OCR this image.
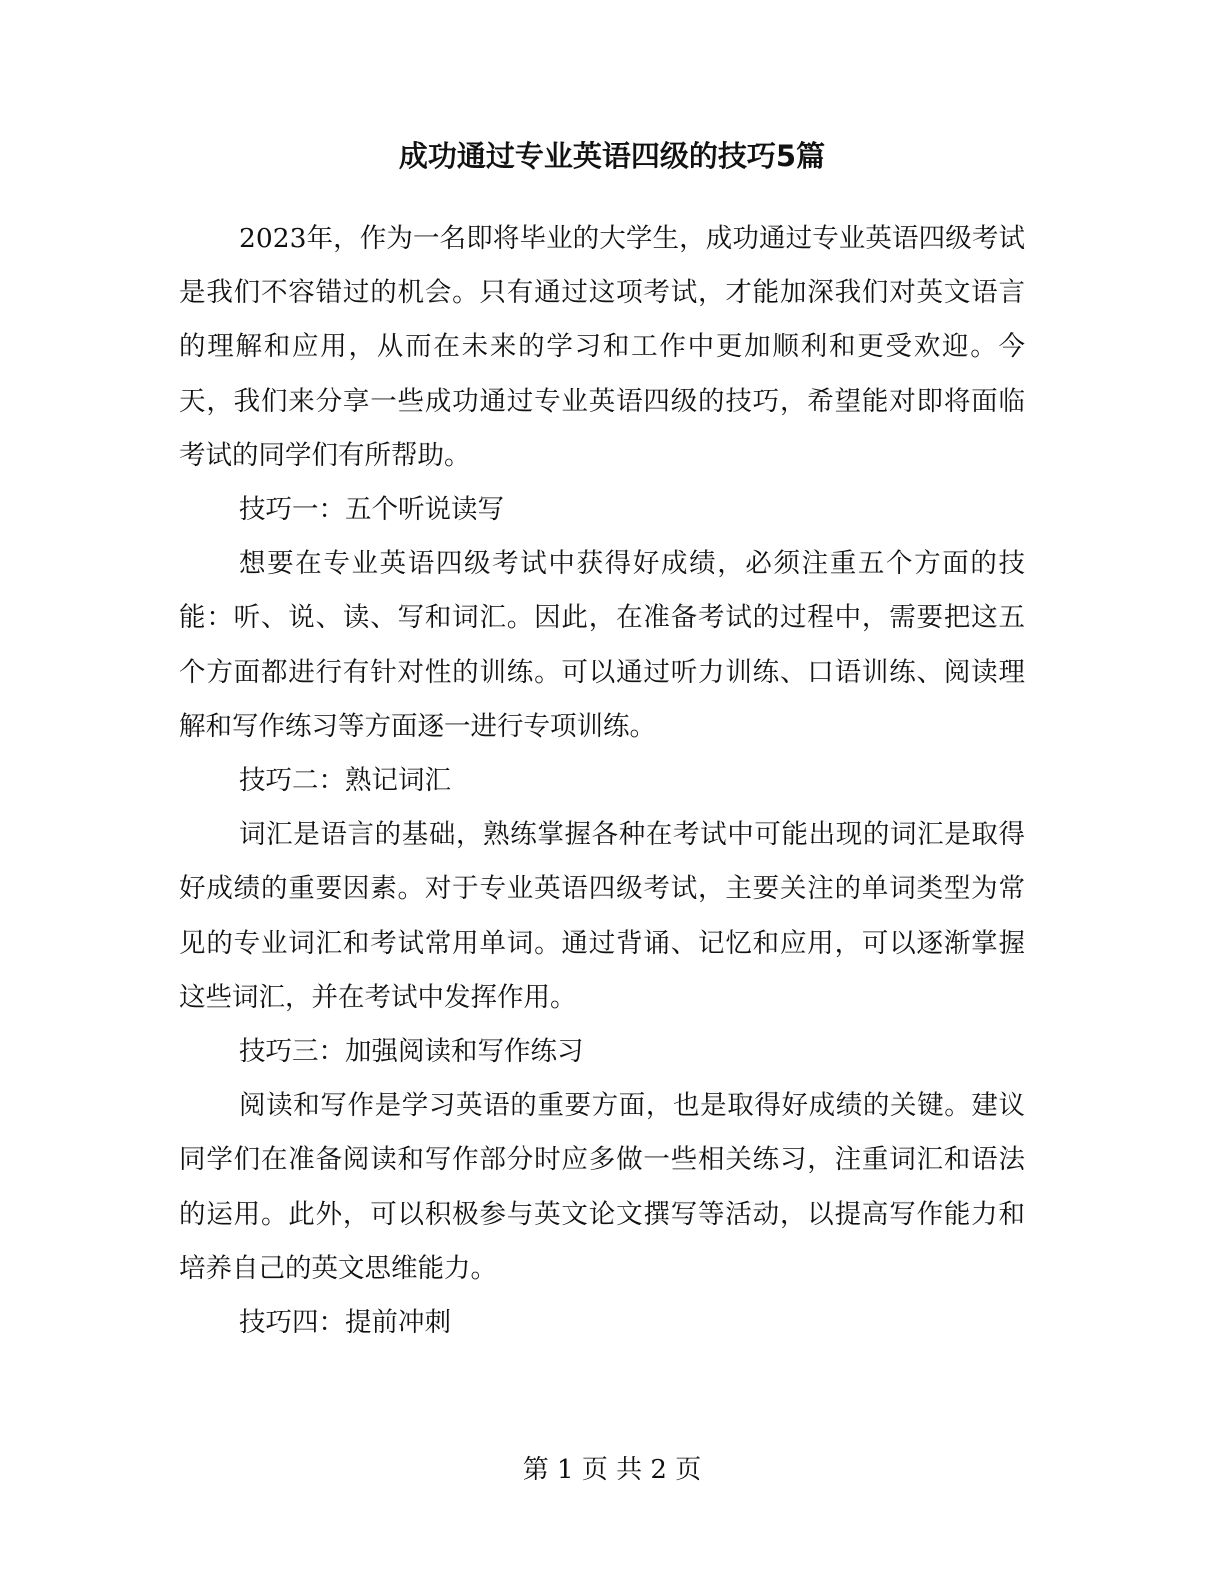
成功通过专业英语四级的技巧5篇

2023年，作为一名即将毕业的大学生，成功通过专业英语四级考试是我们不容错过的机会。只有通过这项考试，才能加深我们对英文语言的理解和应用，从而在未来的学习和工作中更加顺利和更受欢迎。今天，我们来分享一些成功通过专业英语四级的技巧，希望能对即将面临考试的同学们有所帮助。

技巧一：五个听说读写

想要在专业英语四级考试中获得好成绩，必须注重五个方面的技能：听、说、读、写和词汇。因此，在准备考试的过程中，需要把这五个方面都进行有针对性的训练。可以通过听力训练、口语训练、阅读理解和写作练习等方面逐一进行专项训练。

技巧二：熟记词汇

词汇是语言的基础，熟练掌握各种在考试中可能出现的词汇是取得好成绩的重要因素。对于专业英语四级考试，主要关注的单词类型为常见的专业词汇和考试常用单词。通过背诵、记忆和应用，可以逐渐掌握这些词汇，并在考试中发挥作用。

技巧三：加强阅读和写作练习

阅读和写作是学习英语的重要方面，也是取得好成绩的关键。建议同学们在准备阅读和写作部分时应多做一些相关练习，注重词汇和语法的运用。此外，可以积极参与英文论文撰写等活动，以提高写作能力和培养自己的英文思维能力。

技巧四：提前冲刺

第 1 页 共 2 页
